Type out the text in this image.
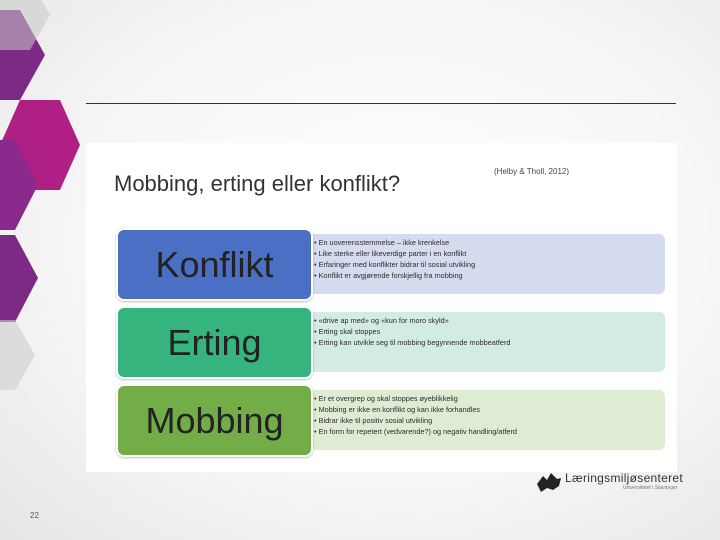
Mobbing, erting eller konflikt?	(Helby & Tholl, 2012)
• En uoverensstemmelse – ikke krenkelse
• Like sterke eller likeverdige parter i en konflikt
• Erfaringer med konflikter bidrar til sosial utvikling
• Konflikt er avgjørende forskjellig fra mobbing
Konflikt
• «drive ap med» og «kun for moro skyld»
• Erting skal stoppes
• Erting kan utvikle seg til mobbing begynnende mobbeatferd
Erting
• Er et overgrep og skal stoppes øyeblikkelig
• Mobbing er ikke en konflikt og kan ikke forhandles
• Bidrar ikke til positiv sosial utvikling
• En form for repetert (vedvarende?) og negativ handling/atferd
Mobbing
Læringsmiljøsenteret
Universitetet i Stavanger
22
